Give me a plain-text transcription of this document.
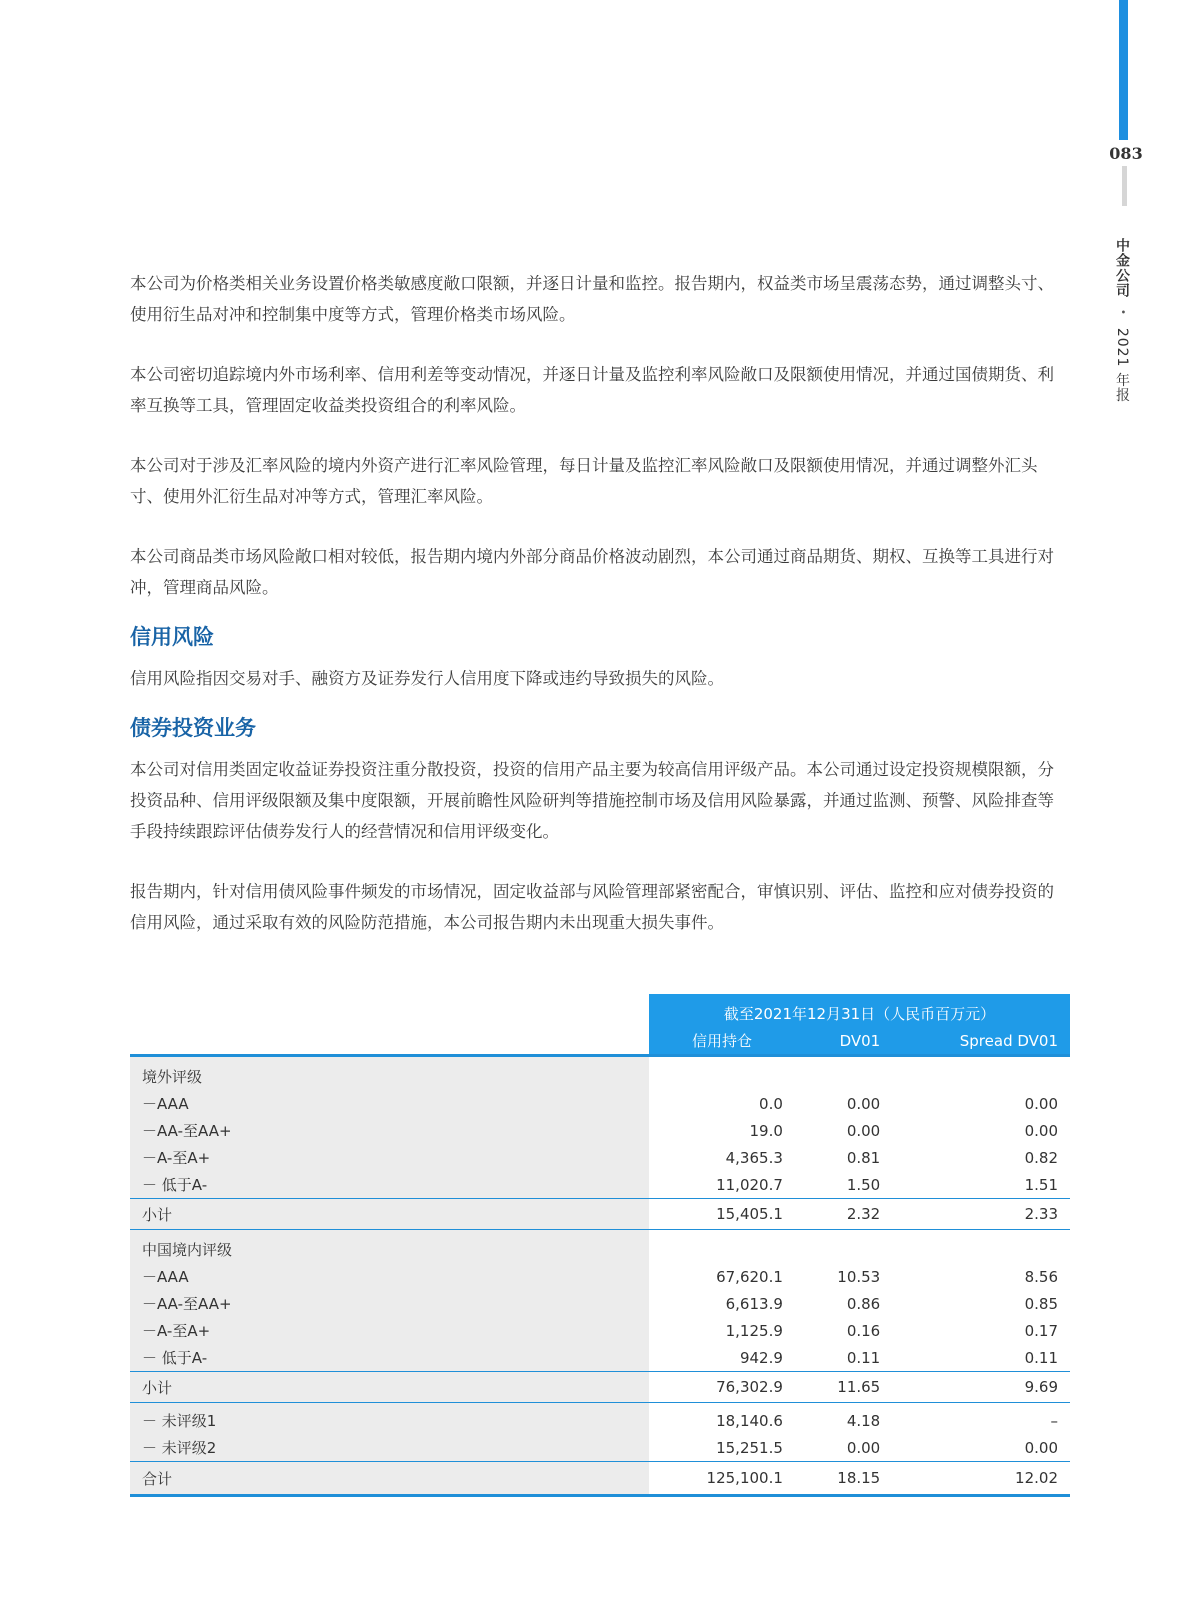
083
中金公司 • 2021 年报

本公司为价格类相关业务设置价格类敏感度敞口限额，并逐日计量和监控。报告期内，权益类市场呈震荡态势，通过调整头寸、使用衍生品对冲和控制集中度等方式，管理价格类市场风险。

本公司密切追踪境内外市场利率、信用利差等变动情况，并逐日计量及监控利率风险敞口及限额使用情况，并通过国债期货、利率互换等工具，管理固定收益类投资组合的利率风险。

本公司对于涉及汇率风险的境内外资产进行汇率风险管理，每日计量及监控汇率风险敞口及限额使用情况，并通过调整外汇头寸、使用外汇衍生品对冲等方式，管理汇率风险。

本公司商品类市场风险敞口相对较低，报告期内境内外部分商品价格波动剧烈，本公司通过商品期货、期权、互换等工具进行对冲，管理商品风险。

信用风险

信用风险指因交易对手、融资方及证券发行人信用度下降或违约导致损失的风险。

债券投资业务

本公司对信用类固定收益证券投资注重分散投资，投资的信用产品主要为较高信用评级产品。本公司通过设定投资规模限额，分投资品种、信用评级限额及集中度限额，开展前瞻性风险研判等措施控制市场及信用风险暴露，并通过监测、预警、风险排查等手段持续跟踪评估债券发行人的经营情况和信用评级变化。

报告期内，针对信用债风险事件频发的市场情况，固定收益部与风险管理部紧密配合，审慎识别、评估、监控和应对债券投资的信用风险，通过采取有效的风险防范措施，本公司报告期内未出现重大损失事件。

	截至2021年12月31日（人民币百万元）		
	信用持仓	DV01	Spread DV01
境外评级			
－AAA	0.0	0.00	0.00
－AA-至AA+	19.0	0.00	0.00
－A-至A+	4,365.3	0.81	0.82
－ 低于A-	11,020.7	1.50	1.51
小计	15,405.1	2.32	2.33
中国境内评级			
－AAA	67,620.1	10.53	8.56
－AA-至AA+	6,613.9	0.86	0.85
－A-至A+	1,125.9	0.16	0.17
－ 低于A-	942.9	0.11	0.11
小计	76,302.9	11.65	9.69
－ 未评级1	18,140.6	4.18	–
－ 未评级2	15,251.5	0.00	0.00
合计	125,100.1	18.15	12.02
